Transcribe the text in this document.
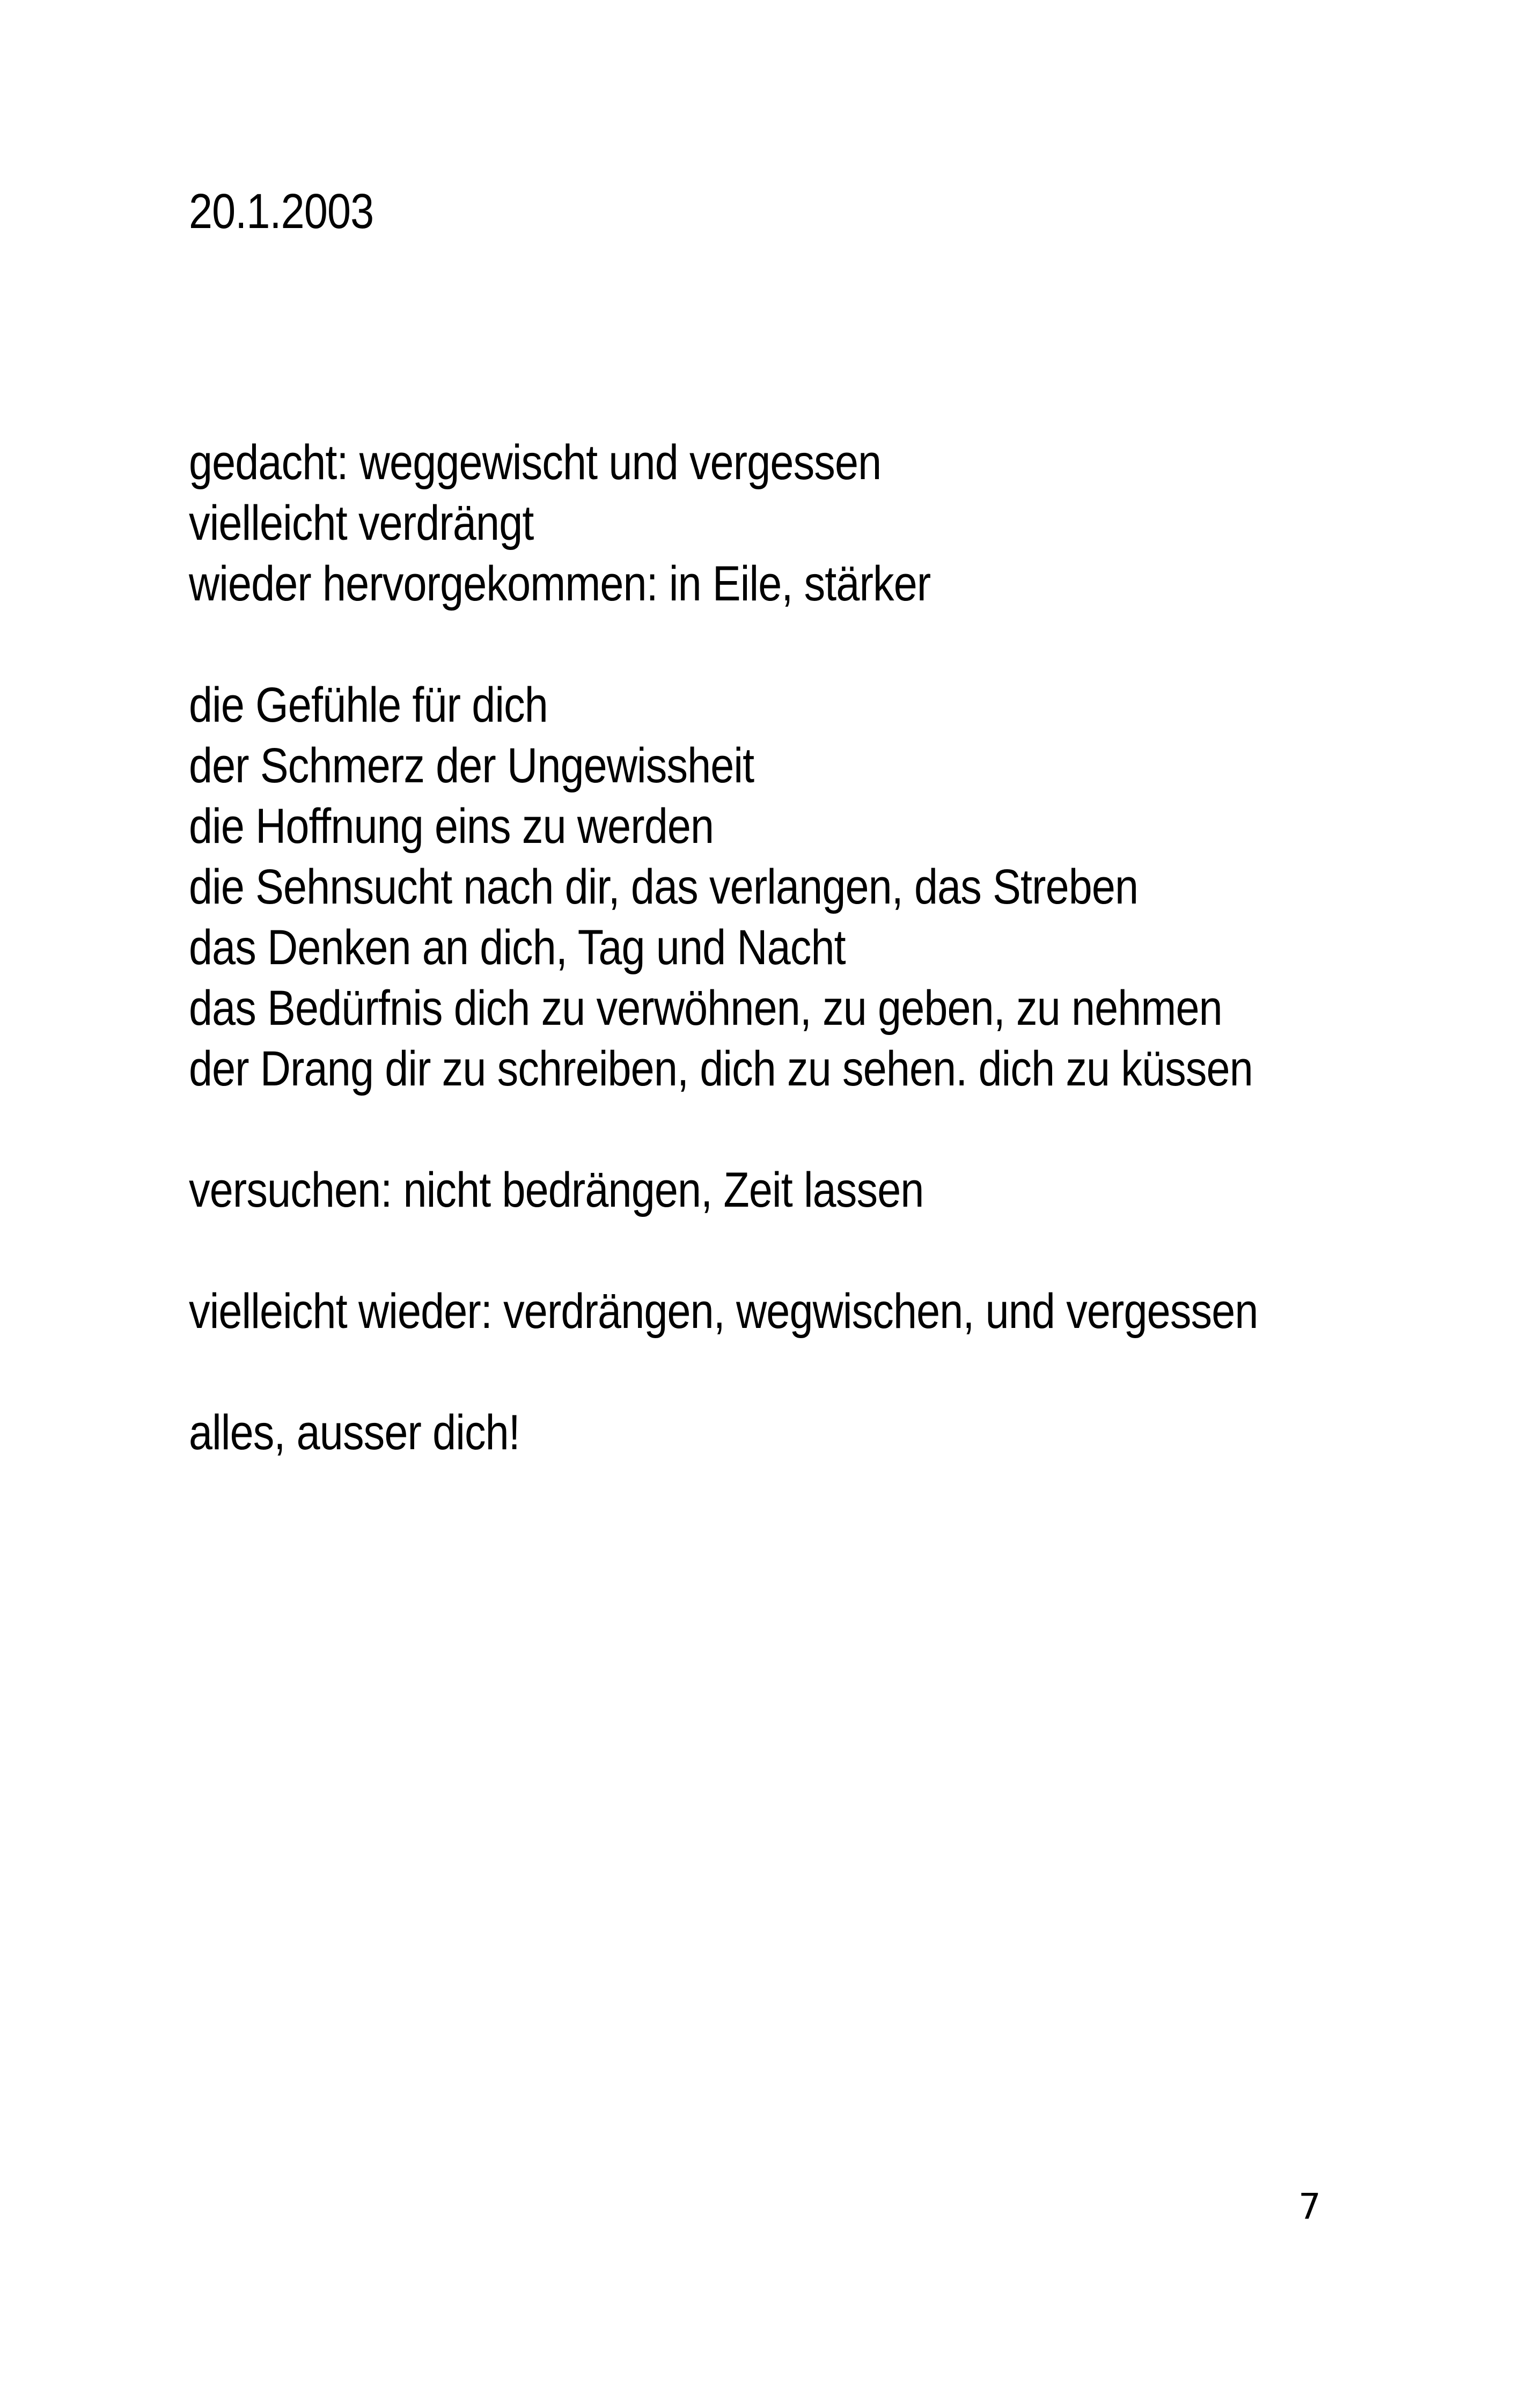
20.1.2003
gedacht: weggewischt und vergessen
vielleicht verdrängt
wieder hervorgekommen: in Eile, stärker
die Gefühle für dich
der Schmerz der Ungewissheit
die Hoffnung eins zu werden
die Sehnsucht nach dir, das verlangen, das Streben
das Denken an dich, Tag und Nacht
das Bedürfnis dich zu verwöhnen, zu geben, zu nehmen
der Drang dir zu schreiben, dich zu sehen. dich zu küssen
versuchen: nicht bedrängen, Zeit lassen
vielleicht wieder: verdrängen, wegwischen, und vergessen
alles, ausser dich!
7
